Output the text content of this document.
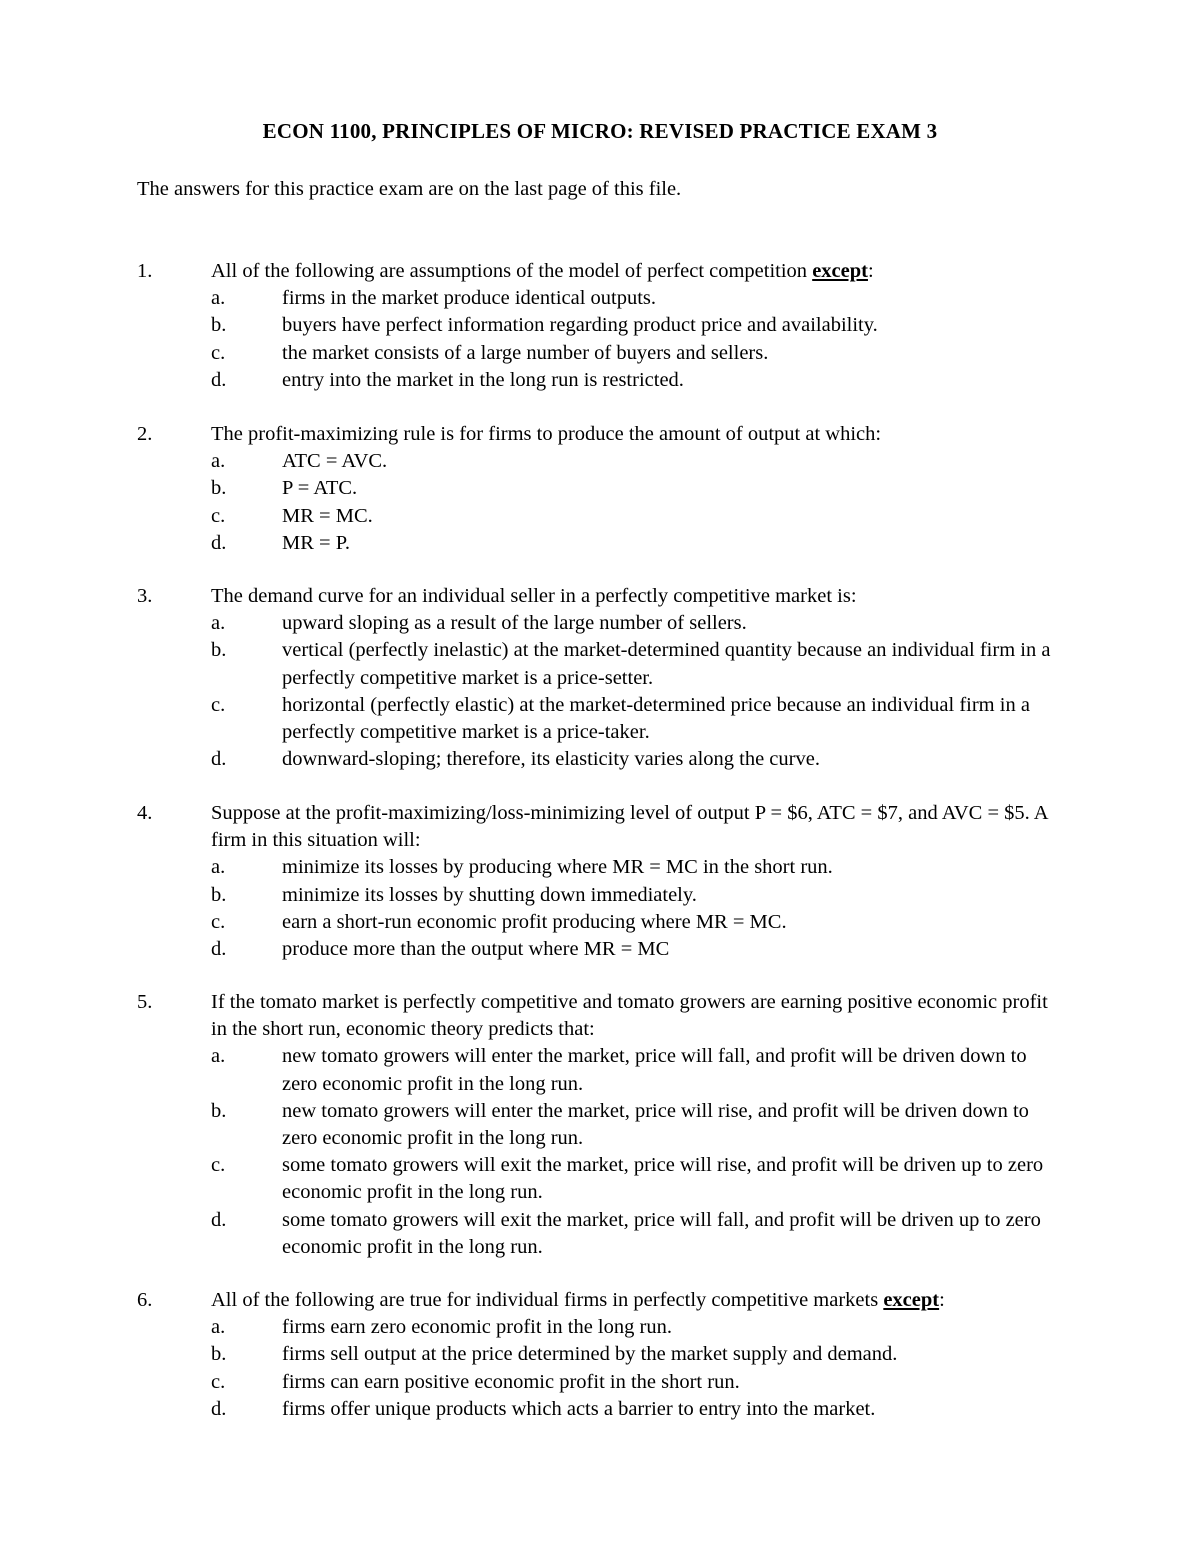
ECON 1100, PRINCIPLES OF MICRO: REVISED PRACTICE EXAM 3
The answers for this practice exam are on the last page of this file.
1.	All of the following are assumptions of the model of perfect competition except:
a.	firms in the market produce identical outputs.
b.	buyers have perfect information regarding product price and availability.
c.	the market consists of a large number of buyers and sellers.
d.	entry into the market in the long run is restricted.
2.	The profit-maximizing rule is for firms to produce the amount of output at which:
a.	ATC = AVC.
b.	P = ATC.
c.	MR = MC.
d.	MR = P.
3.	The demand curve for an individual seller in a perfectly competitive market is:
a.	upward sloping as a result of the large number of sellers.
b.	vertical (perfectly inelastic) at the market-determined quantity because an individual firm in a perfectly competitive market is a price-setter.
c.	horizontal (perfectly elastic) at the market-determined price because an individual firm in a perfectly competitive market is a price-taker.
d.	downward-sloping; therefore, its elasticity varies along the curve.
4.	Suppose at the profit-maximizing/loss-minimizing level of output P = $6, ATC = $7, and AVC = $5. A firm in this situation will:
a.	minimize its losses by producing where MR = MC in the short run.
b.	minimize its losses by shutting down immediately.
c.	earn a short-run economic profit producing where MR = MC.
d.	produce more than the output where MR = MC
5.	If the tomato market is perfectly competitive and tomato growers are earning positive economic profit in the short run, economic theory predicts that:
a.	new tomato growers will enter the market, price will fall, and profit will be driven down to zero economic profit in the long run.
b.	new tomato growers will enter the market, price will rise, and profit will be driven down to zero economic profit in the long run.
c.	some tomato growers will exit the market, price will rise, and profit will be driven up to zero economic profit in the long run.
d.	some tomato growers will exit the market, price will fall, and profit will be driven up to zero economic profit in the long run.
6.	All of the following are true for individual firms in perfectly competitive markets except:
a.	firms earn zero economic profit in the long run.
b.	firms sell output at the price determined by the market supply and demand.
c.	firms can earn positive economic profit in the short run.
d.	firms offer unique products which acts a barrier to entry into the market.
